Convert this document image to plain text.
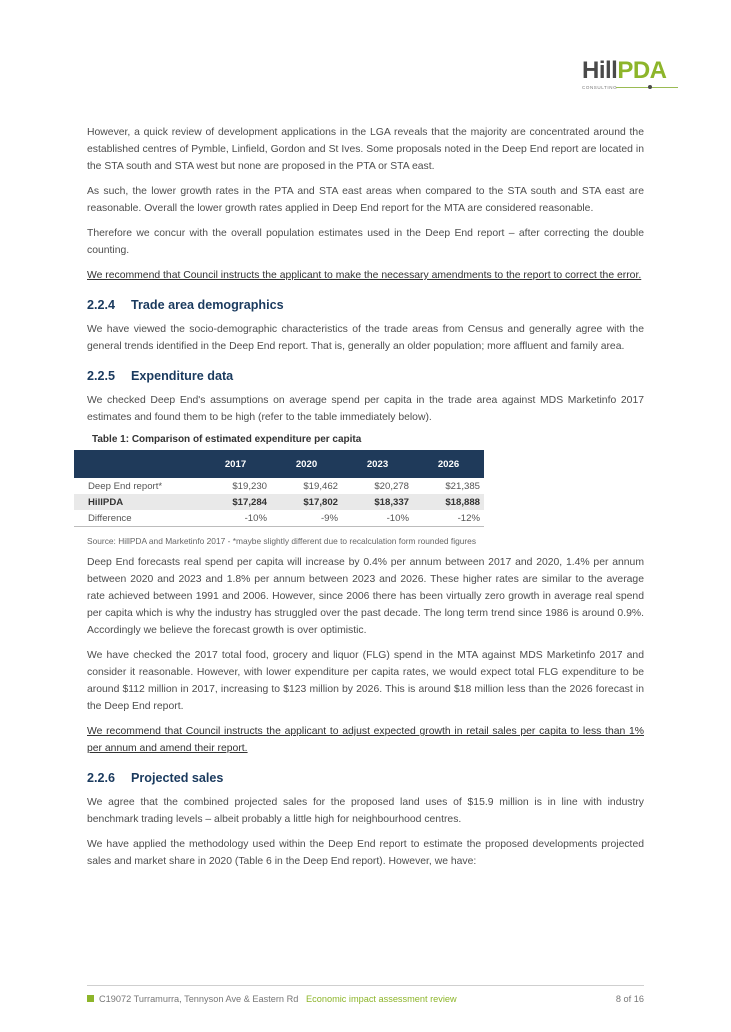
HillPDA
CONSULTING

However, a quick review of development applications in the LGA reveals that the majority are concentrated around the established centres of Pymble, Linfield, Gordon and St Ives. Some proposals noted in the Deep End report are located in the STA south and STA west but none are proposed in the PTA or STA east.

As such, the lower growth rates in the PTA and STA east areas when compared to the STA south and STA east are reasonable. Overall the lower growth rates applied in Deep End report for the MTA are considered reasonable.

Therefore we concur with the overall population estimates used in the Deep End report – after correcting the double counting.

We recommend that Council instructs the applicant to make the necessary amendments to the report to correct the error.

2.2.4 Trade area demographics

We have viewed the socio-demographic characteristics of the trade areas from Census and generally agree with the general trends identified in the Deep End report. That is, generally an older population; more affluent and family area.

2.2.5 Expenditure data

We checked Deep End's assumptions on average spend per capita in the trade area against MDS Marketinfo 2017 estimates and found them to be high (refer to the table immediately below).

Table 1: Comparison of estimated expenditure per capita
	2017	2020	2023	2026
Deep End report*	$19,230	$19,462	$20,278	$21,385
HillPDA	$17,284	$17,802	$18,337	$18,888
Difference	-10%	-9%	-10%	-12%
Source: HillPDA and Marketinfo 2017 - *maybe slightly different due to recalculation form rounded figures

Deep End forecasts real spend per capita will increase by 0.4% per annum between 2017 and 2020, 1.4% per annum between 2020 and 2023 and 1.8% per annum between 2023 and 2026. These higher rates are similar to the average rate achieved between 1991 and 2006. However, since 2006 there has been virtually zero growth in average real spend per capita which is why the industry has struggled over the past decade. The long term trend since 1986 is around 0.9%. Accordingly we believe the forecast growth is over optimistic.

We have checked the 2017 total food, grocery and liquor (FLG) spend in the MTA against MDS Marketinfo 2017 and consider it reasonable. However, with lower expenditure per capita rates, we would expect total FLG expenditure to be around $112 million in 2017, increasing to $123 million by 2026. This is around $18 million less than the 2026 forecast in the Deep End report.

We recommend that Council instructs the applicant to adjust expected growth in retail sales per capita to less than 1% per annum and amend their report.

2.2.6 Projected sales

We agree that the combined projected sales for the proposed land uses of $15.9 million is in line with industry benchmark trading levels – albeit probably a little high for neighbourhood centres.

We have applied the methodology used within the Deep End report to estimate the proposed developments projected sales and market share in 2020 (Table 6 in the Deep End report). However, we have:

C19072 Turramurra, Tennyson Ave & Eastern Rd Economic impact assessment review	8 of 16
